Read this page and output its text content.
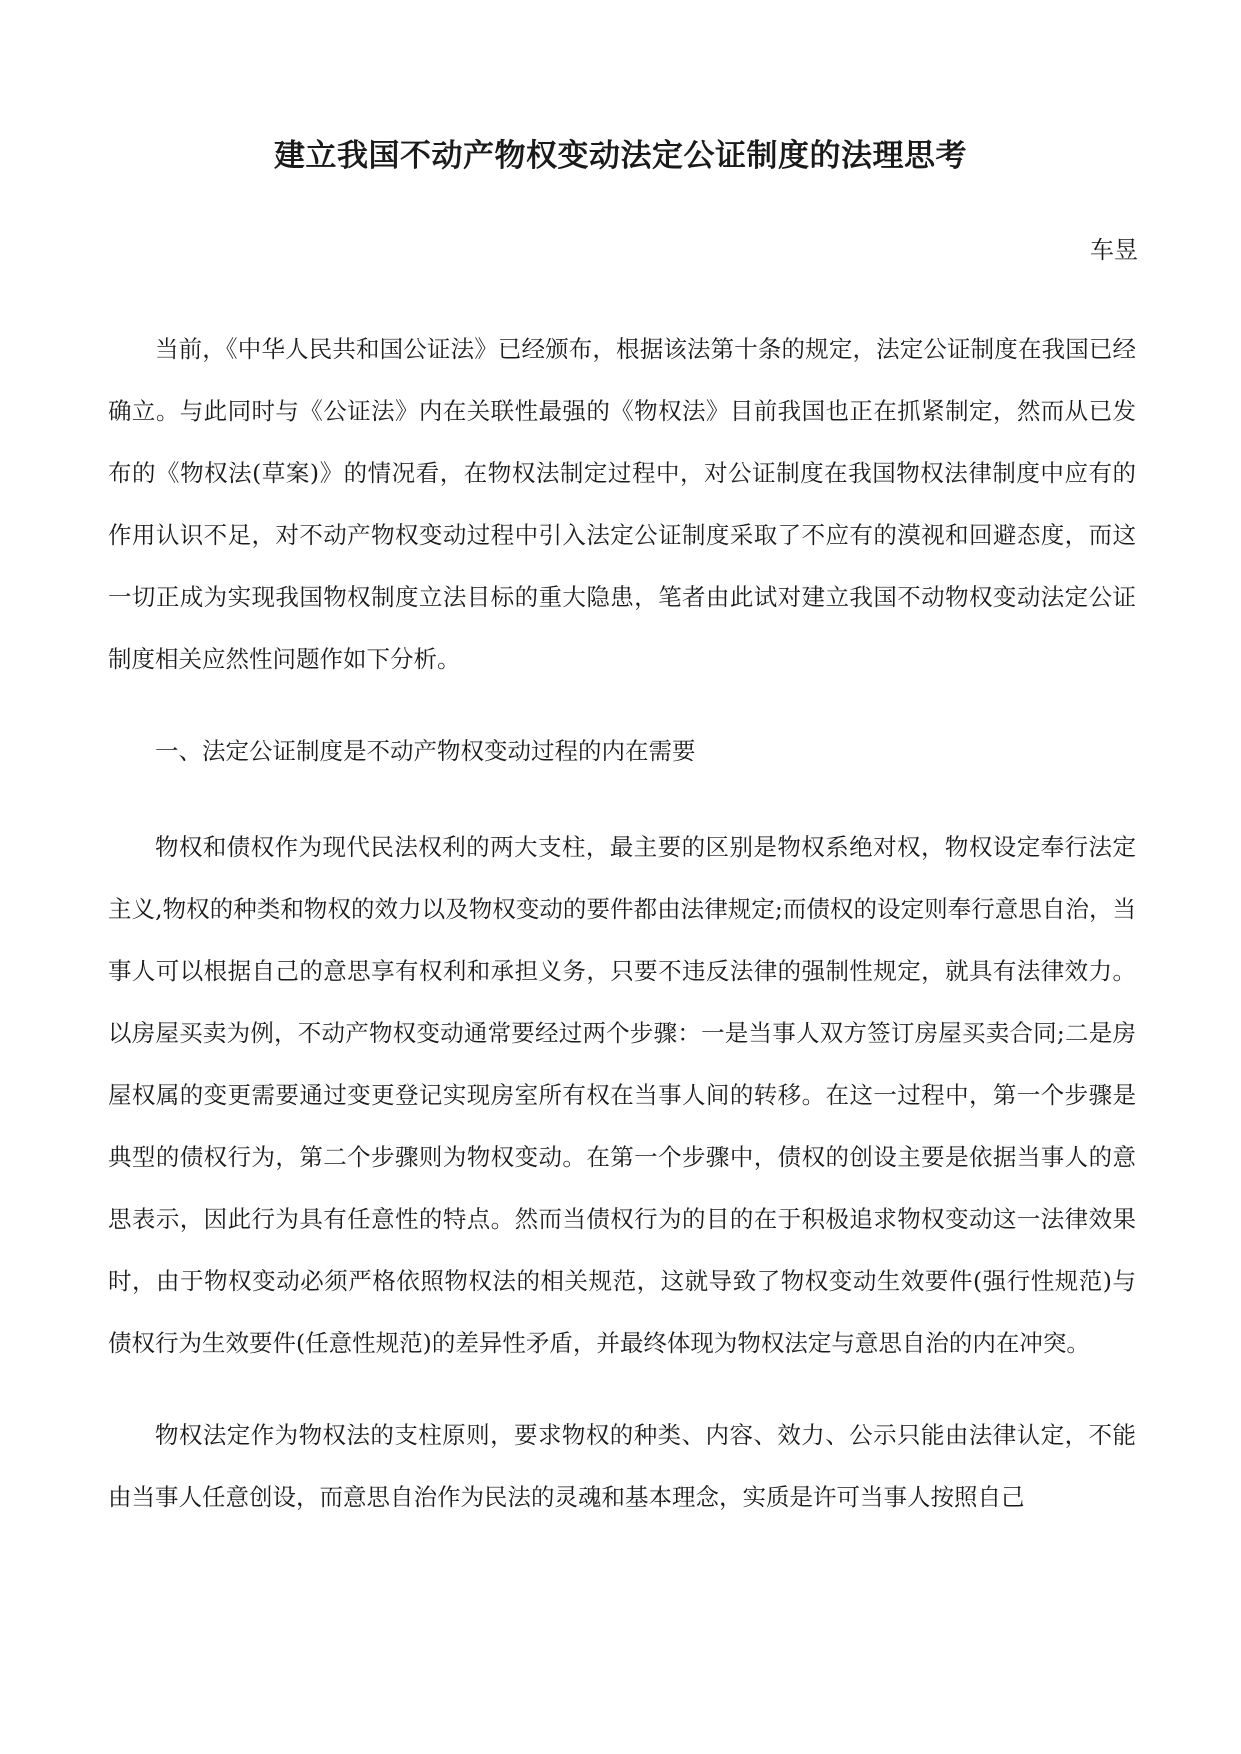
建立我国不动产物权变动法定公证制度的法理思考

车昱

当前，《中华人民共和国公证法》已经颁布，根据该法第十条的规定，法定公证制度在我国已经确立。与此同时与《公证法》内在关联性最强的《物权法》目前我国也正在抓紧制定，然而从已发布的《物权法(草案)》的情况看，在物权法制定过程中，对公证制度在我国物权法律制度中应有的作用认识不足，对不动产物权变动过程中引入法定公证制度采取了不应有的漠视和回避态度，而这一切正成为实现我国物权制度立法目标的重大隐患，笔者由此试对建立我国不动物权变动法定公证制度相关应然性问题作如下分析。

一、法定公证制度是不动产物权变动过程的内在需要

物权和债权作为现代民法权利的两大支柱，最主要的区别是物权系绝对权，物权设定奉行法定主义,物权的种类和物权的效力以及物权变动的要件都由法律规定;而债权的设定则奉行意思自治，当事人可以根据自己的意思享有权利和承担义务，只要不违反法律的强制性规定，就具有法律效力。以房屋买卖为例，不动产物权变动通常要经过两个步骤：一是当事人双方签订房屋买卖合同;二是房屋权属的变更需要通过变更登记实现房室所有权在当事人间的转移。在这一过程中，第一个步骤是典型的债权行为，第二个步骤则为物权变动。在第一个步骤中，债权的创设主要是依据当事人的意思表示，因此行为具有任意性的特点。然而当债权行为的目的在于积极追求物权变动这一法律效果时，由于物权变动必须严格依照物权法的相关规范，这就导致了物权变动生效要件(强行性规范)与债权行为生效要件(任意性规范)的差异性矛盾，并最终体现为物权法定与意思自治的内在冲突。

物权法定作为物权法的支柱原则，要求物权的种类、内容、效力、公示只能由法律认定，不能由当事人任意创设，而意思自治作为民法的灵魂和基本理念，实质是许可当事人按照自己
